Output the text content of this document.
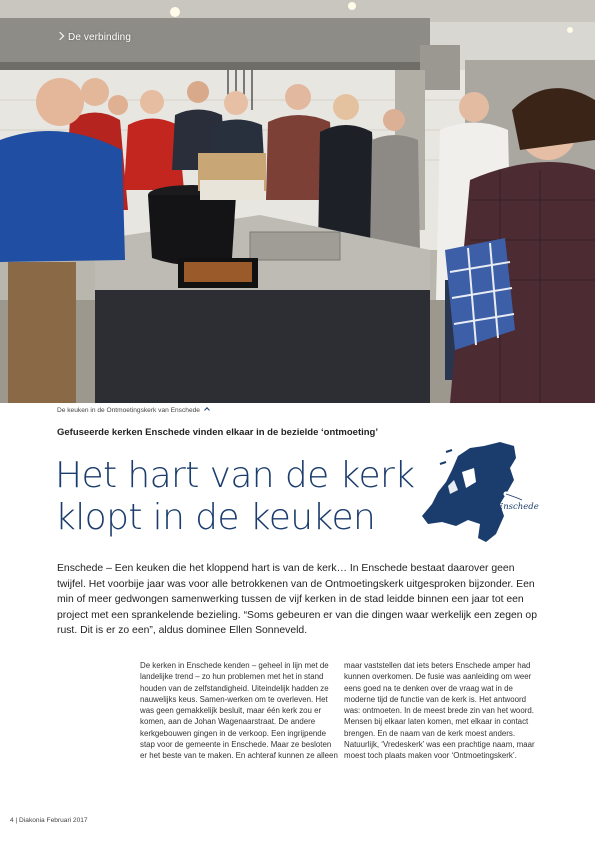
De verbinding
De keuken in de Ontmoetingskerk van Enschede
Gefuseerde kerken Enschede vinden elkaar in de bezielde ‘ontmoeting’
Het hart van de kerk
klopt in de keuken	Enschede

Enschede – Een keuken die het kloppend hart is van de kerk… In Enschede bestaat daarover geen twijfel. Het voorbije jaar was voor alle betrokkenen van de Ontmoetingskerk uitgesproken bijzonder. Een min of meer gedwongen samenwerking tussen de vijf kerken in de stad leidde binnen een jaar tot een project met een sprankelende bezieling. “Soms gebeuren er van die dingen waar werkelijk een zegen op rust. Dit is er zo een”, aldus dominee Ellen Sonneveld.

De kerken in Enschede kenden – geheel in lijn met de landelijke trend – zo hun problemen met het in stand houden van de zelfstandigheid. Uiteindelijk hadden ze nauwelijks keus. Samen-werken om te overleven. Het was geen gemakkelijk besluit, maar één kerk zou er komen, aan de Johan Wagenaarstraat. De andere kerkgebouwen gingen in de verkoop. Een ingrijpende stap voor de gemeente in Enschede. Maar ze besloten er het beste van te maken. En achteraf kunnen ze alleen

maar vaststellen dat iets beters Enschede amper had kunnen overkomen. De fusie was aanleiding om weer eens goed na te denken over de vraag wat in de moderne tijd de functie van de kerk is. Het antwoord was: ontmoeten. In de meest brede zin van het woord. Mensen bij elkaar laten komen, met elkaar in contact brengen. En de naam van de kerk moest anders. Natuurlijk, ‘Vredeskerk’ was een prachtige naam, maar moest toch plaats maken voor ‘Ontmoetingskerk’.

4 | Diakonia Februari 2017
